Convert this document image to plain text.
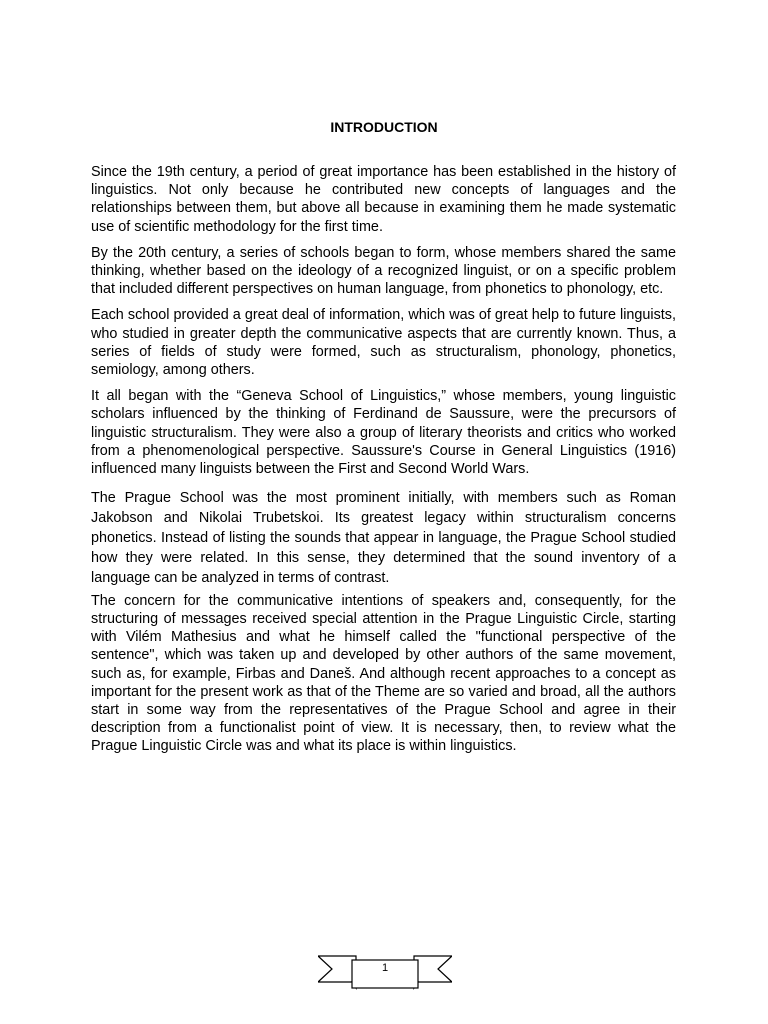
INTRODUCTION

Since the 19th century, a period of great importance has been established in the history of linguistics. Not only because he contributed new concepts of languages and the relationships between them, but above all because in examining them he made systematic use of scientific methodology for the first time.

By the 20th century, a series of schools began to form, whose members shared the same thinking, whether based on the ideology of a recognized linguist, or on a specific problem that included different perspectives on human language, from phonetics to phonology, etc.

Each school provided a great deal of information, which was of great help to future linguists, who studied in greater depth the communicative aspects that are currently known. Thus, a series of fields of study were formed, such as structuralism, phonology, phonetics, semiology, among others.

It all began with the “Geneva School of Linguistics,” whose members, young linguistic scholars influenced by the thinking of Ferdinand de Saussure, were the precursors of linguistic structuralism. They were also a group of literary theorists and critics who worked from a phenomenological perspective. Saussure's Course in General Linguistics (1916) influenced many linguists between the First and Second World Wars.

The Prague School was the most prominent initially, with members such as Roman Jakobson and Nikolai Trubetskoi. Its greatest legacy within structuralism concerns phonetics. Instead of listing the sounds that appear in language, the Prague School studied how they were related. In this sense, they determined that the sound inventory of a language can be analyzed in terms of contrast.

The concern for the communicative intentions of speakers and, consequently, for the structuring of messages received special attention in the Prague Linguistic Circle, starting with Vilém Mathesius and what he himself called the "functional perspective of the sentence", which was taken up and developed by other authors of the same movement, such as, for example, Firbas and Daneš. And although recent approaches to a concept as important for the present work as that of the Theme are so varied and broad, all the authors start in some way from the representatives of the Prague School and agree in their description from a functionalist point of view. It is necessary, then, to review what the Prague Linguistic Circle was and what its place is within linguistics.

1
